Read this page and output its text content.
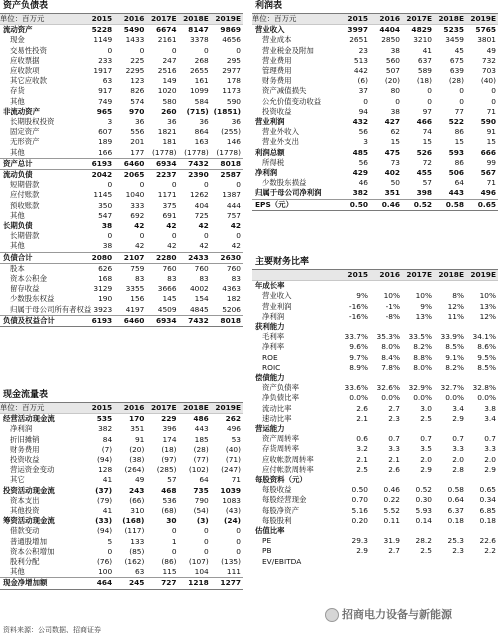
资产负债表
单位：百万元	2015	2016	2017E	2018E	2019E
流动资产	5228	5490	6674	8147	9869
现金	1149	1433	2161	3378	4656
交易性投资	0	0	0	0	0
应收票据	233	225	247	268	295
应收款项	1917	2295	2516	2655	2977
其它应收款	63	123	149	161	178
存货	917	826	1020	1099	1173
其他	749	574	580	584	590
非流动资产	965	970	260	(715)	(1851)
长期股权投资	3	36	36	36	36
固定资产	607	556	1821	864	(255)
无形资产	189	201	181	163	146
其他	166	177	(1778)	(1778)	(1778)
资产总计	6193	6460	6934	7432	8018
流动负债	2042	2065	2237	2390	2587
短期借款	0	0	0	0	0
应付账款	1145	1040	1171	1262	1387
预收账款	350	333	375	404	444
其他	547	692	691	725	757
长期负债	38	42	42	42	42
长期借款	0	0	0	0	0
其他	38	42	42	42	42
负债合计	2080	2107	2280	2433	2630
股本	626	759	760	760	760
资本公积金	168	83	83	83	83
留存收益	3129	3355	3666	4002	4363
少数股东权益	190	156	145	154	182
归属于母公司所有者权益	3923	4197	4509	4845	5206
负债及权益合计	6193	6460	6934	7432	8018
现金流量表
单位：百万元	2015	2016	2017E	2018E	2019E
经营活动现金流	535	170	229	486	262
净利润	382	351	396	443	496
折旧摊销	84	91	174	185	53
财务费用	(7)	(20)	(18)	(28)	(40)
投资收益	(94)	(38)	(97)	(77)	(71)
营运资金变动	128	(264)	(285)	(102)	(247)
其它	41	49	57	64	71
投资活动现金流	(37)	243	468	735	1039
资本支出	(79)	(66)	536	790	1083
其他投资	41	310	(68)	(54)	(43)
筹资活动现金流	(33)	(168)	30	(3)	(24)
借款变动	(94)	(117)	0	0	0
普通股增加	5	133	1	0	0
资本公积增加	0	(85)	0	0	0
股利分配	(76)	(162)	(86)	(107)	(135)
其他	100	63	115	104	111
现金净增加额	464	245	727	1218	1277
利润表
单位：百万元	2015	2016	2017E	2018E	2019E
营业收入	3997	4404	4829	5235	5765
营业成本	2651	2850	3210	3459	3801
营业税金及附加	23	38	41	45	49
营业费用	513	560	637	675	732
管理费用	442	507	589	639	703
财务费用	(6)	(20)	(18)	(28)	(40)
资产减值损失	37	80	0	0	0
公允价值变动收益	0	0	0	0	0
投资收益	94	38	97	77	71
营业利润	432	427	466	522	590
营业外收入	56	62	74	86	91
营业外支出	3	15	15	15	15
利润总额	485	475	526	593	666
所得税	56	73	72	86	99
净利润	429	402	455	506	567
少数股东损益	46	50	57	64	71
归属于母公司净利润	382	351	398	443	496
EPS（元）	0.50	0.46	0.52	0.58	0.65
主要财务比率
	2015	2016	2017E	2018E	2019E
年成长率					
营业收入	9%	10%	10%	8%	10%
营业利润	-16%	-1%	9%	12%	13%
净利润	-16%	-8%	13%	11%	12%
获利能力					
毛利率	33.7%	35.3%	33.5%	33.9%	34.1%
净利率	9.6%	8.0%	8.2%	8.5%	8.6%
ROE	9.7%	8.4%	8.8%	9.1%	9.5%
ROIC	8.9%	7.8%	8.0%	8.2%	8.5%
偿债能力					
资产负债率	33.6%	32.6%	32.9%	32.7%	32.8%
净负债比率	0.0%	0.0%	0.0%	0.0%	0.0%
流动比率	2.6	2.7	3.0	3.4	3.8
速动比率	2.1	2.3	2.5	2.9	3.4
营运能力					
资产周转率	0.6	0.7	0.7	0.7	0.7
存货周转率	3.2	3.3	3.5	3.3	3.3
应收帐款周转率	2.1	2.1	2.0	2.0	2.0
应付帐款周转率	2.5	2.6	2.9	2.8	2.9
每股资料（元）					
每股收益	0.50	0.46	0.52	0.58	0.65
每股经营现金	0.70	0.22	0.30	0.64	0.34
每股净资产	5.16	5.52	5.93	6.37	6.85
每股股利	0.20	0.11	0.14	0.18	0.18
估值比率					
PE	29.3	31.9	28.2	25.3	22.6
PB	2.9	2.7	2.5	2.3	2.2
EV/EBITDA					
资料来源：公司数据、招商证券
招商电力设备与新能源
